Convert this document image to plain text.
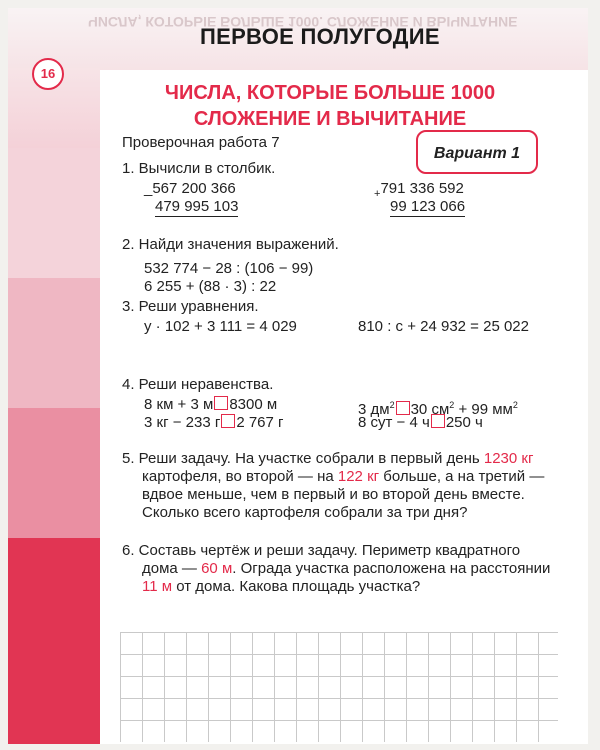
ЧИСЛА, КОТОРЫЕ БОЛЬШЕ 1000. СЛОЖЕНИЕ И ВЫЧИТАНИЕ
ПЕРВОЕ ПОЛУГОДИЕ
16
ЧИСЛА, КОТОРЫЕ БОЛЬШЕ 1000
СЛОЖЕНИЕ И ВЫЧИТАНИЕ
Проверочная работа 7
Вариант 1
1. Вычисли в столбик.
_567 200 366
479 995 103
$_+$791 336 592
99 123 066
2. Найди значения выражений.
532 774 − 28 : (106 − 99)
6 255 + (88 · 3) : 22
3. Реши уравнения.
y · 102 + 3 111 = 4 029	810 : c + 24 932 = 25 022
4. Реши неравенства.
8 км + 3 м 8300 м	3 $дм^2$ 30 $см^2 + 99$ $мм^2$
3 кг − 233 г 2 767 г	8 сут − 4 ч 250 ч
5. Реши задачу. На участке собрали в первый день 1230 кг
картофеля, во второй — на 122 кг больше, а на третий —
вдвое меньше, чем в первый и во второй день вместе.
Сколько всего картофеля собрали за три дня?
6. Составь чертёж и реши задачу. Периметр квадратного
дома — 60 м. Ограда участка расположена на расстоянии
11 м от дома. Какова площадь участка?
